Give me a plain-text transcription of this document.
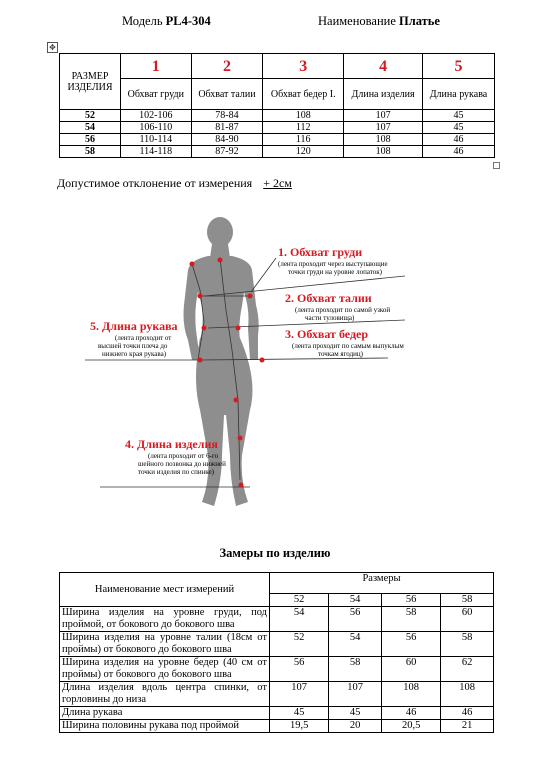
Модель PL4-304	Наименование Платье
✥
РАЗМЕР ИЗДЕЛИЯ	1	2	3	4	5
	Обхват груди	Обхват талии	Обхват бедер I.	Длина изделия	Длина рукава
52	102-106	78-84	108	107	45
54	106-110	81-87	112	107	45
56	110-114	84-90	116	108	46
58	114-118	87-92	120	108	46
Допустимое отклонение от измерения + 2см
1. Обхват груди
(лента проходит через выступающие
точки груди на уровне лопаток)
2. Обхват талии
(лента проходит по самой узкой
части туловища)
3. Обхват бедер
(лента проходит по самым выпуклым
точкам ягодиц)
4. Длина изделия
(лента проходит от 6-го
шейного позвонка до нижней
точки изделия по спинке)
5. Длина рукава
(лента проходит от
высшей точки плеча до
нижнего края рукава)
Замеры по изделию
Наименование мест измерений	Размеры			
	52	54	56	58
Ширина изделия на уровне груди, под проймой, от бокового до бокового шва	54	56	58	60
Ширина изделия на уровне талии (18см от проймы) от бокового до бокового шва	52	54	56	58
Ширина изделия на уровне бедер (40 см от проймы) от бокового до бокового шва	56	58	60	62
Длина изделия вдоль центра спинки, от горловины до низа	107	107	108	108
Длина рукава	45	45	46	46
Ширина половины рукава под проймой	19,5	20	20,5	21
